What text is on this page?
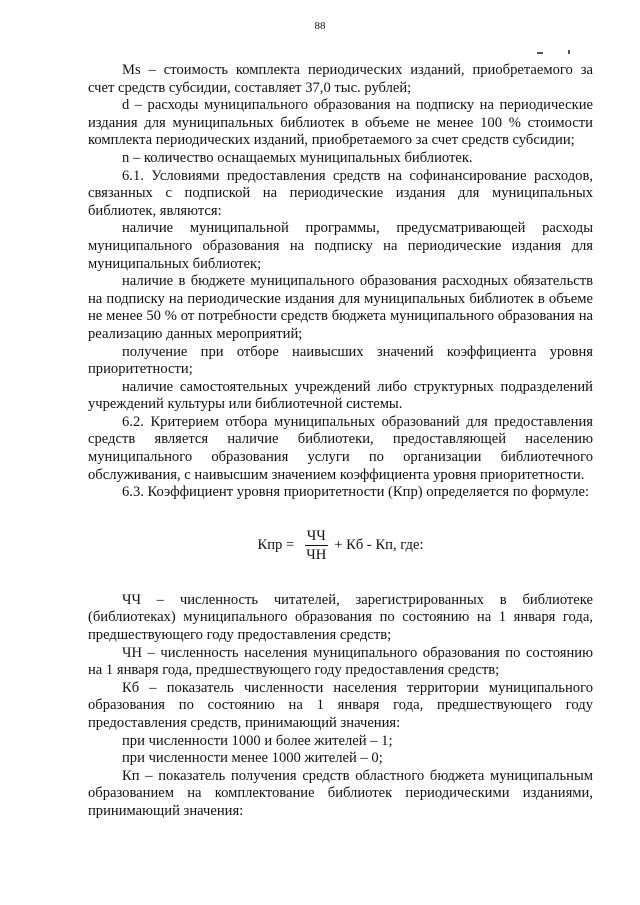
88

Ms – стоимость комплекта периодических изданий, приобретаемого за счет средств субсидии, составляет 37,0 тыс. рублей;

d – расходы муниципального образования на подписку на периодические издания для муниципальных библиотек в объеме не менее 100 % стоимости комплекта периодических изданий, приобретаемого за счет средств субсидии;

n – количество оснащаемых муниципальных библиотек.

6.1. Условиями предоставления средств на софинансирование расходов, связанных с подпиской на периодические издания для муниципальных библиотек, являются:

наличие муниципальной программы, предусматривающей расходы муниципального образования на подписку на периодические издания для муниципальных библиотек;

наличие в бюджете муниципального образования расходных обязательств на подписку на периодические издания для муниципальных библиотек в объеме не менее 50 % от потребности средств бюджета муниципального образования на реализацию данных мероприятий;

получение при отборе наивысших значений коэффициента уровня приоритетности;

наличие самостоятельных учреждений либо структурных подразделений учреждений культуры или библиотечной системы.

6.2. Критерием отбора муниципальных образований для предоставления средств является наличие библиотеки, предоставляющей населению муниципального образования услуги по организации библиотечного обслуживания, с наивысшим значением коэффициента уровня приоритетности.

6.3. Коэффициент уровня приоритетности (Кпр) определяется по формуле:

Кпр = $\frac{ЧЧ}{ЧН}$ + Кб - Кп, где:

ЧЧ – численность читателей, зарегистрированных в библиотеке (библиотеках) муниципального образования по состоянию на 1 января года, предшествующего году предоставления средств;

ЧН – численность населения муниципального образования по состоянию на 1 января года, предшествующего году предоставления средств;

Кб – показатель численности населения территории муниципального образования по состоянию на 1 января года, предшествующего году предоставления средств, принимающий значения:

при численности 1000 и более жителей – 1;

при численности менее 1000 жителей – 0;

Кп – показатель получения средств областного бюджета муниципальным образованием на комплектование библиотек периодическими изданиями, принимающий значения:
